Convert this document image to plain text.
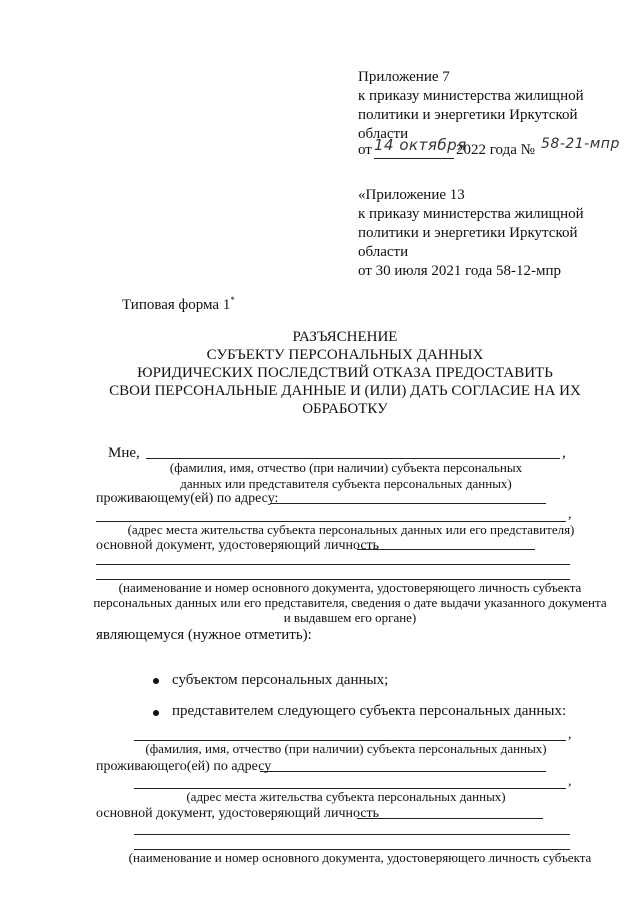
Приложение 7
к приказу министерства жилищной
политики и энергетики Иркутской
области
от 14 октября
2022 года № 58-21-мпр
«Приложение 13
к приказу министерства жилищной
политики и энергетики Иркутской
области
от 30 июля 2021 года 58-12-мпр
Типовая форма 1*
РАЗЪЯСНЕНИЕ
СУБЪЕКТУ ПЕРСОНАЛЬНЫХ ДАННЫХ
ЮРИДИЧЕСКИХ ПОСЛЕДСТВИЙ ОТКАЗА ПРЕДОСТАВИТЬ
СВОИ ПЕРСОНАЛЬНЫЕ ДАННЫЕ И (ИЛИ) ДАТЬ СОГЛАСИЕ НА ИХ
ОБРАБОТКУ
Мне,	,
(фамилия, имя, отчество (при наличии) субъекта персональных
данных или представителя субъекта персональных данных)
проживающему(ей) по адресу:
,
(адрес места жительства субъекта персональных данных или его представителя)
основной документ, удостоверяющий личность
(наименование и номер основного документа, удостоверяющего личность субъекта
персональных данных или его представителя, сведения о дате выдачи указанного документа
и выдавшем его органе)
являющемуся (нужное отметить):
субъектом персональных данных;
представителем следующего субъекта персональных данных:
,
(фамилия, имя, отчество (при наличии) субъекта персональных данных)
проживающего(ей) по адресу
,
(адрес места жительства субъекта персональных данных)
основной документ, удостоверяющий личность
(наименование и номер основного документа, удостоверяющего личность субъекта
